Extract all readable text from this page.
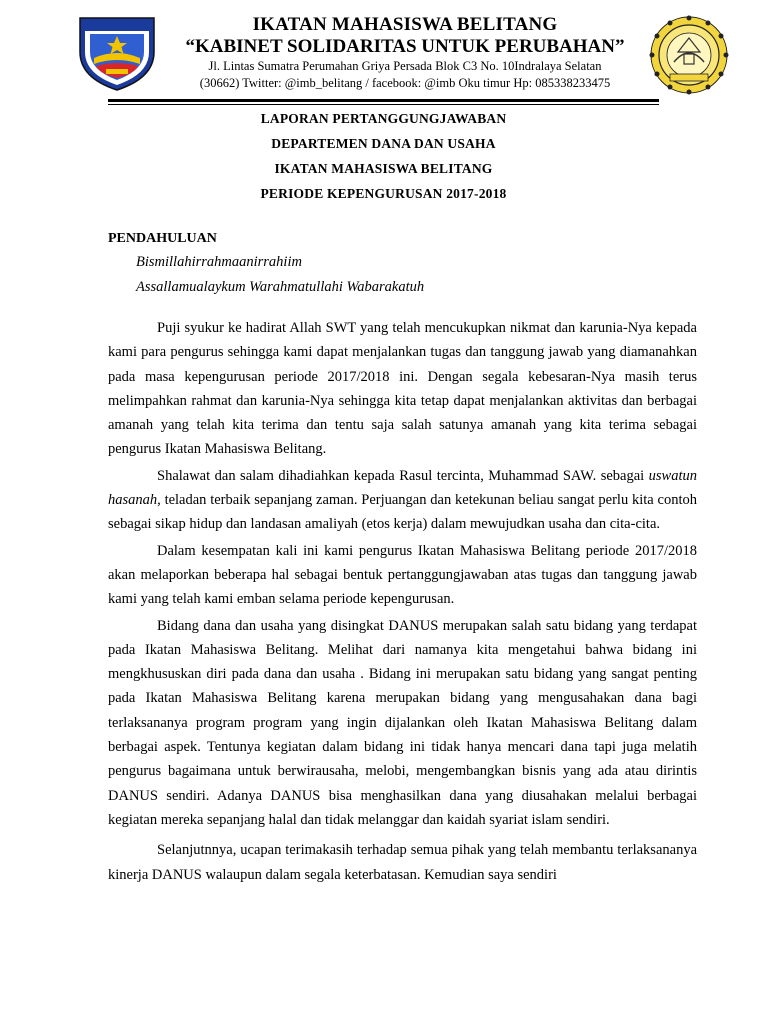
IKATAN MAHASISWA BELITANG
“KABINET SOLIDARITAS UNTUK PERUBAHAN”
Jl. Lintas Sumatra Perumahan Griya Persada Blok C3 No. 10Indralaya Selatan
(30662) Twitter: @imb_belitang / facebook: @imb Oku timur Hp: 085338233475
LAPORAN PERTANGGUNGJAWABAN
DEPARTEMEN DANA DAN USAHA
IKATAN MAHASISWA BELITANG
PERIODE KEPENGURUSAN 2017-2018
PENDAHULUAN
Bismillahirrahmaanirrahiim
Assallamualaykum Warahmatullahi Wabarakatuh

Puji syukur ke hadirat Allah SWT yang telah mencukupkan nikmat dan karunia-Nya kepada kami para pengurus sehingga kami dapat menjalankan tugas dan tanggung jawab yang diamanahkan pada masa kepengurusan periode 2017/2018 ini. Dengan segala kebesaran-Nya masih terus melimpahkan rahmat dan karunia-Nya sehingga kita tetap dapat menjalankan aktivitas dan berbagai amanah yang telah kita terima dan tentu saja salah satunya amanah yang kita terima sebagai pengurus Ikatan Mahasiswa Belitang.

Shalawat dan salam dihadiahkan kepada Rasul tercinta, Muhammad SAW. sebagai uswatun hasanah, teladan terbaik sepanjang zaman. Perjuangan dan ketekunan beliau sangat perlu kita contoh sebagai sikap hidup dan landasan amaliyah (etos kerja) dalam mewujudkan usaha dan cita-cita.

Dalam kesempatan kali ini kami pengurus Ikatan Mahasiswa Belitang periode 2017/2018 akan melaporkan beberapa hal sebagai bentuk pertanggungjawaban atas tugas dan tanggung jawab kami yang telah kami emban selama periode kepengurusan.

Bidang dana dan usaha yang disingkat DANUS merupakan salah satu bidang yang terdapat pada Ikatan Mahasiswa Belitang. Melihat dari namanya kita mengetahui bahwa bidang ini mengkhususkan diri pada dana dan usaha . Bidang ini merupakan satu bidang yang sangat penting pada Ikatan Mahasiswa Belitang karena merupakan bidang yang mengusahakan dana bagi terlaksananya program program yang ingin dijalankan oleh Ikatan Mahasiswa Belitang dalam berbagai aspek. Tentunya kegiatan dalam bidang ini tidak hanya mencari dana tapi juga melatih pengurus bagaimana untuk berwirausaha, melobi, mengembangkan bisnis yang ada atau dirintis DANUS sendiri. Adanya DANUS bisa menghasilkan dana yang diusahakan melalui berbagai kegiatan mereka sepanjang halal dan tidak melanggar dan kaidah syariat islam sendiri.

Selanjutnnya, ucapan terimakasih terhadap semua pihak yang telah membantu terlaksananya kinerja DANUS walaupun dalam segala keterbatasan. Kemudian saya sendiri
